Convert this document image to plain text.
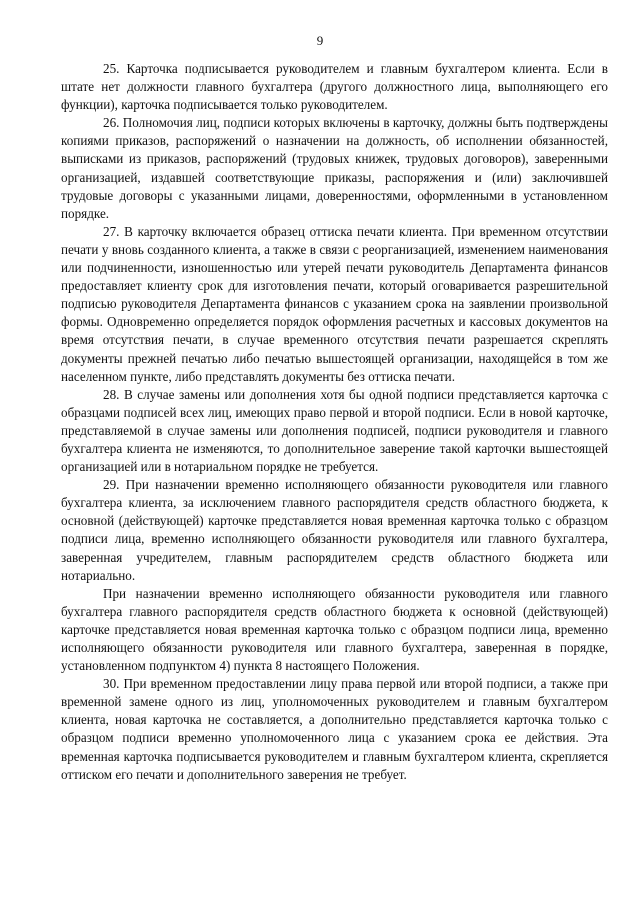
9

25. Карточка подписывается руководителем и главным бухгалтером клиента. Если в штате нет должности главного бухгалтера (другого должностного лица, выполняющего его функции), карточка подписывается только руководителем.

26. Полномочия лиц, подписи которых включены в карточку, должны быть подтверждены копиями приказов, распоряжений о назначении на должность, об исполнении обязанностей, выписками из приказов, распоряжений (трудовых книжек, трудовых договоров), заверенными организацией, издавшей соответствующие приказы, распоряжения и (или) заключившей трудовые договоры с указанными лицами, доверенностями, оформленными в установленном порядке.

27. В карточку включается образец оттиска печати клиента. При временном отсутствии печати у вновь созданного клиента, а также в связи с реорганизацией, изменением наименования или подчиненности, изношенностью или утерей печати руководитель Департамента финансов предоставляет клиенту срок для изготовления печати, который оговаривается разрешительной подписью руководителя Департамента финансов с указанием срока на заявлении произвольной формы. Одновременно определяется порядок оформления расчетных и кассовых документов на время отсутствия печати, в случае временного отсутствия печати разрешается скреплять документы прежней печатью либо печатью вышестоящей организации, находящейся в том же населенном пункте, либо представлять документы без оттиска печати.

28. В случае замены или дополнения хотя бы одной подписи представляется карточка с образцами подписей всех лиц, имеющих право первой и второй подписи. Если в новой карточке, представляемой в случае замены или дополнения подписей, подписи руководителя и главного бухгалтера клиента не изменяются, то дополнительное заверение такой карточки вышестоящей организацией или в нотариальном порядке не требуется.

29. При назначении временно исполняющего обязанности руководителя или главного бухгалтера клиента, за исключением главного распорядителя средств областного бюджета, к основной (действующей) карточке представляется новая временная карточка только с образцом подписи лица, временно исполняющего обязанности руководителя или главного бухгалтера, заверенная учредителем, главным распорядителем средств областного бюджета или нотариально.

При назначении временно исполняющего обязанности руководителя или главного бухгалтера главного распорядителя средств областного бюджета к основной (действующей) карточке представляется новая временная карточка только с образцом подписи лица, временно исполняющего обязанности руководителя или главного бухгалтера, заверенная в порядке, установленном подпунктом 4) пункта 8 настоящего Положения.

30. При временном предоставлении лицу права первой или второй подписи, а также при временной замене одного из лиц, уполномоченных руководителем и главным бухгалтером клиента, новая карточка не составляется, а дополнительно представляется карточка только с образцом подписи временно уполномоченного лица с указанием срока ее действия. Эта временная карточка подписывается руководителем и главным бухгалтером клиента, скрепляется оттиском его печати и дополнительного заверения не требует.
